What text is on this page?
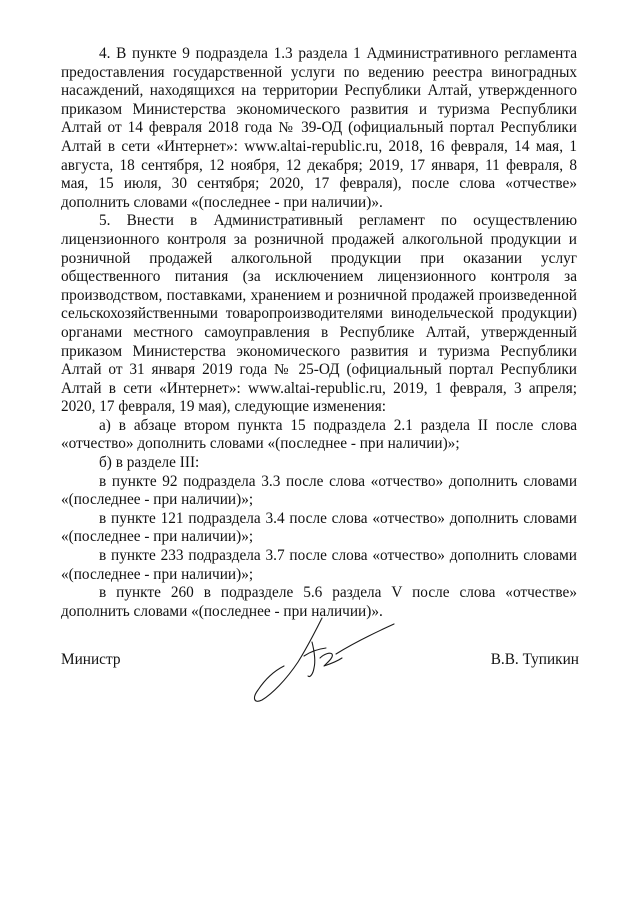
4. В пункте 9 подраздела 1.3 раздела 1 Административного регламента предоставления государственной услуги по ведению реестра виноградных насаждений, находящихся на территории Республики Алтай, утвержденного приказом Министерства экономического развития и туризма Республики Алтай от 14 февраля 2018 года № 39-ОД (официальный портал Республики Алтай в сети «Интернет»: www.altai-republic.ru, 2018, 16 февраля, 14 мая, 1 августа, 18 сентября, 12 ноября, 12 декабря; 2019, 17 января, 11 февраля, 8 мая, 15 июля, 30 сентября; 2020, 17 февраля), после слова «отчестве» дополнить словами «(последнее - при наличии)».

5. Внести в Административный регламент по осуществлению лицензионного контроля за розничной продажей алкогольной продукции и розничной продажей алкогольной продукции при оказании услуг общественного питания (за исключением лицензионного контроля за производством, поставками, хранением и розничной продажей произведенной сельскохозяйственными товаропроизводителями винодельческой продукции) органами местного самоуправления в Республике Алтай, утвержденный приказом Министерства экономического развития и туризма Республики Алтай от 31 января 2019 года № 25-ОД (официальный портал Республики Алтай в сети «Интернет»: www.altai-republic.ru, 2019, 1 февраля, 3 апреля; 2020, 17 февраля, 19 мая), следующие изменения:

а) в абзаце втором пункта 15 подраздела 2.1 раздела II после слова «отчество» дополнить словами «(последнее - при наличии)»;

б) в разделе III:

в пункте 92 подраздела 3.3 после слова «отчество» дополнить словами «(последнее - при наличии)»;

в пункте 121 подраздела 3.4 после слова «отчество» дополнить словами «(последнее - при наличии)»;

в пункте 233 подраздела 3.7 после слова «отчество» дополнить словами «(последнее - при наличии)»;

в пункте 260 в подразделе 5.6 раздела V после слова «отчестве» дополнить словами «(последнее - при наличии)».

Министр	В.В. Тупикин
